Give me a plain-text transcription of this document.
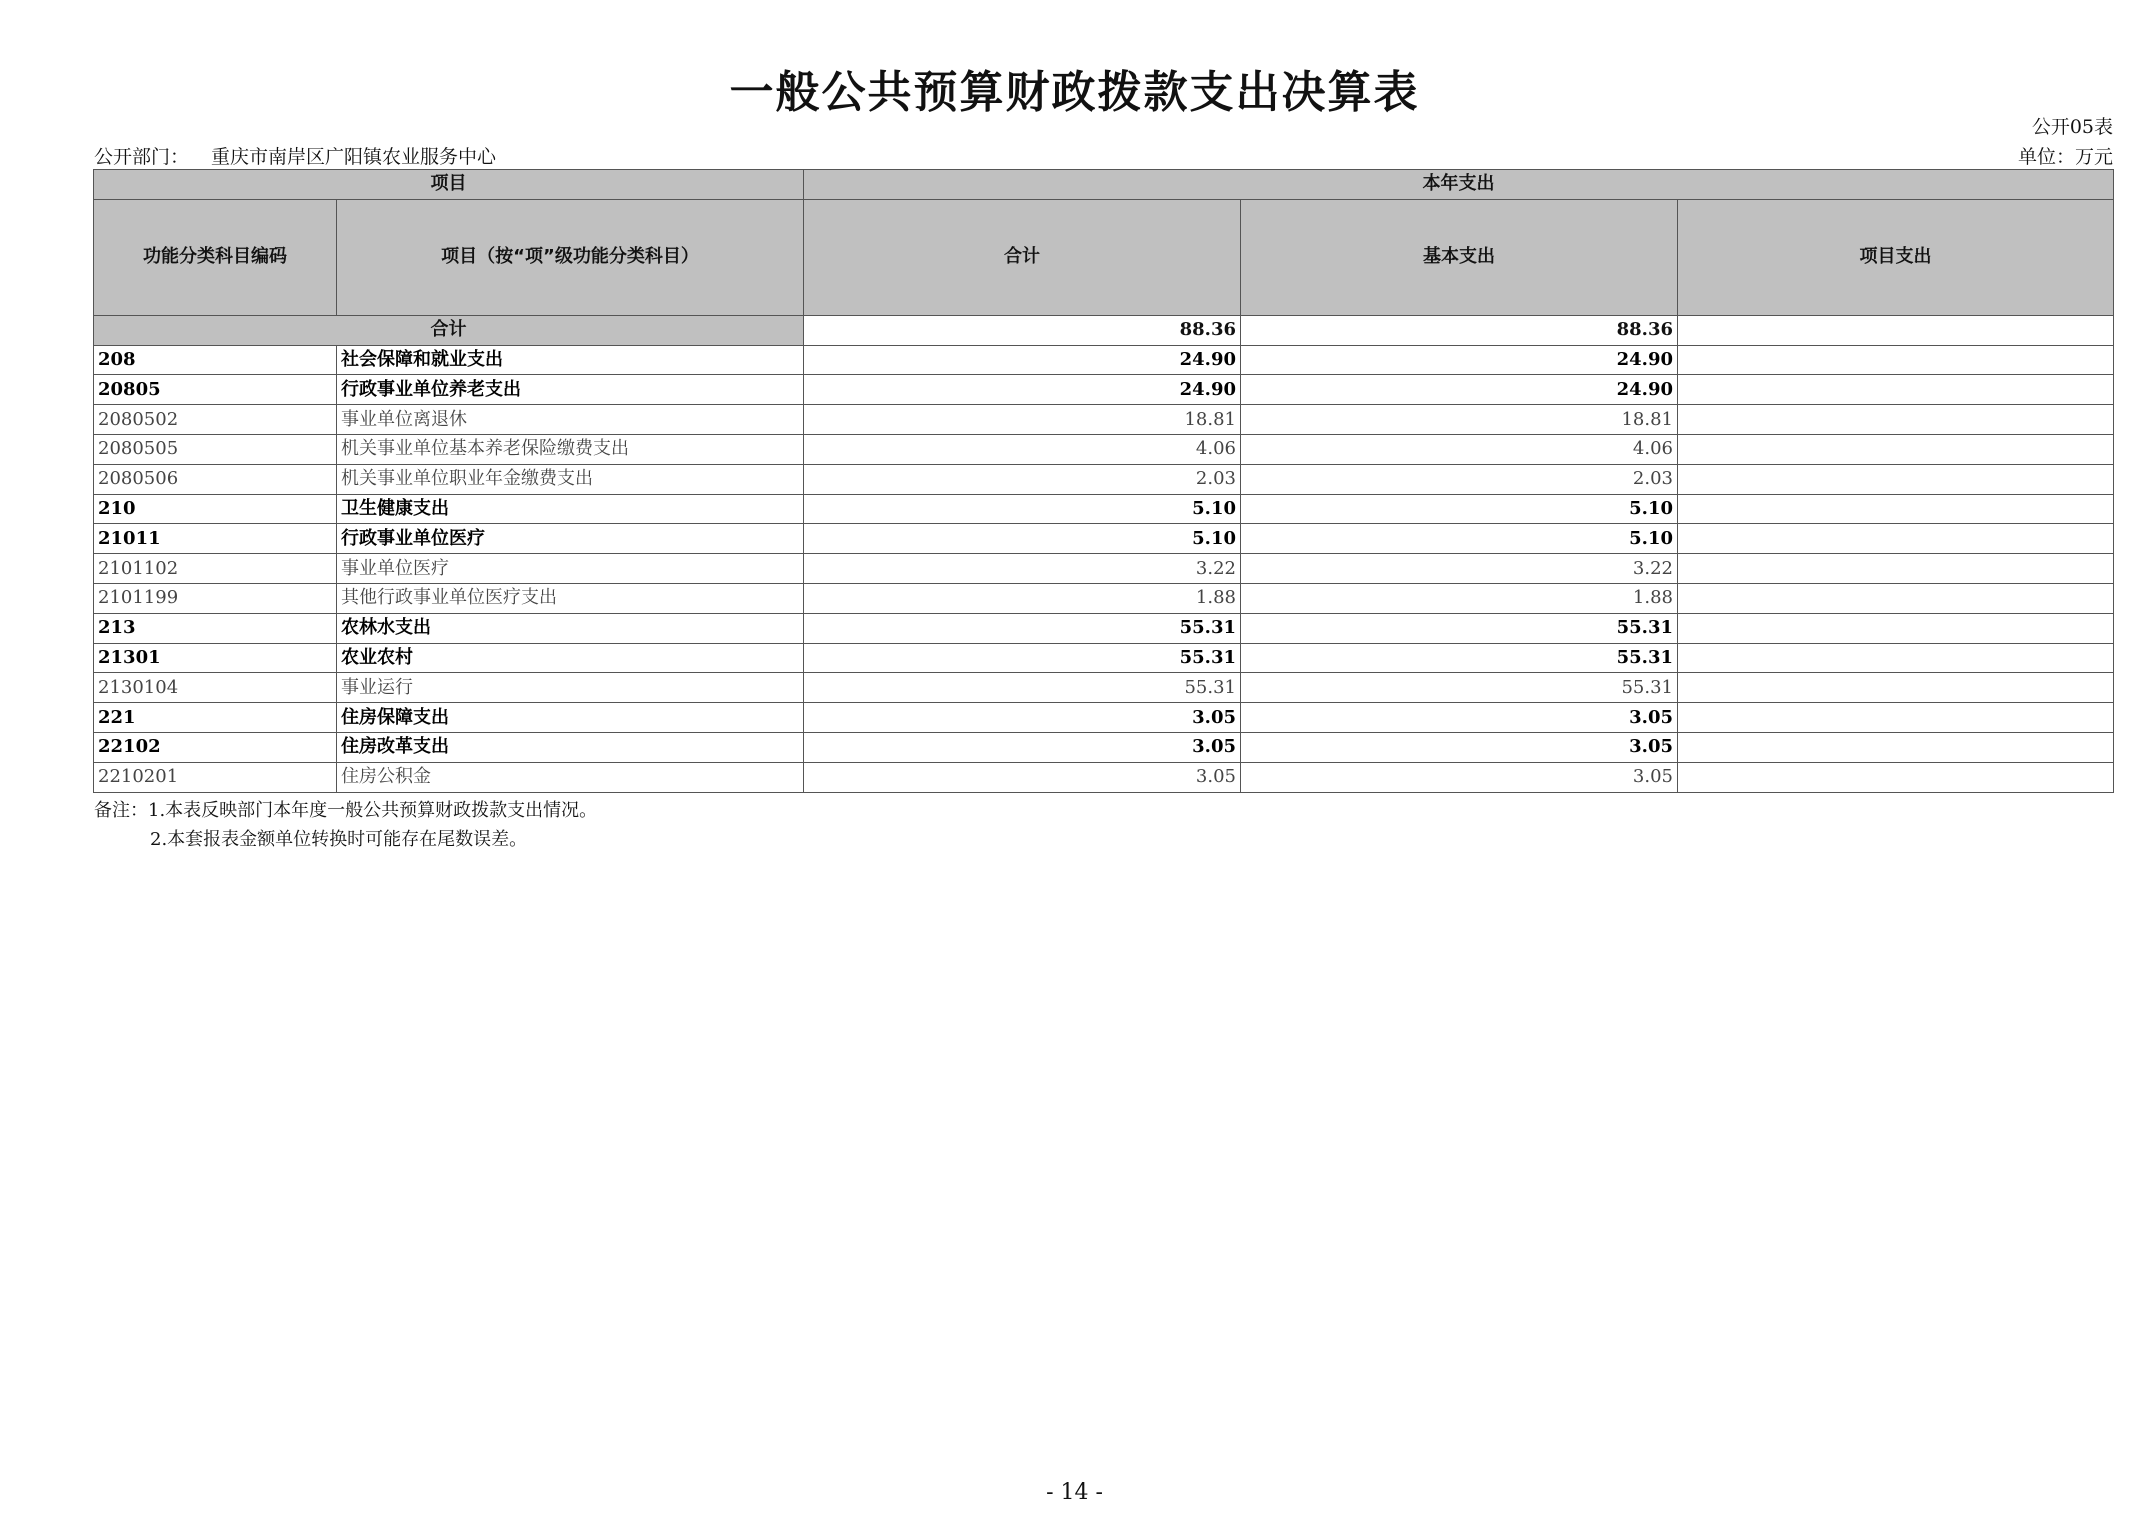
一般公共预算财政拨款支出决算表
公开05表
公开部门： 重庆市南岸区广阳镇农业服务中心	单位：万元
项目		本年支出		
功能分类科目编码	项目（按“项”级功能分类科目）	合计	基本支出	项目支出
合计		88.36	88.36	
208	社会保障和就业支出	24.90	24.90	
20805	行政事业单位养老支出	24.90	24.90	
2080502	事业单位离退休	18.81	18.81	
2080505	机关事业单位基本养老保险缴费支出	4.06	4.06	
2080506	机关事业单位职业年金缴费支出	2.03	2.03	
210	卫生健康支出	5.10	5.10	
21011	行政事业单位医疗	5.10	5.10	
2101102	事业单位医疗	3.22	3.22	
2101199	其他行政事业单位医疗支出	1.88	1.88	
213	农林水支出	55.31	55.31	
21301	农业农村	55.31	55.31	
2130104	事业运行	55.31	55.31	
221	住房保障支出	3.05	3.05	
22102	住房改革支出	3.05	3.05	
2210201	住房公积金	3.05	3.05	
备注：1.本表反映部门本年度一般公共预算财政拨款支出情况。
2.本套报表金额单位转换时可能存在尾数误差。
- 14 -
